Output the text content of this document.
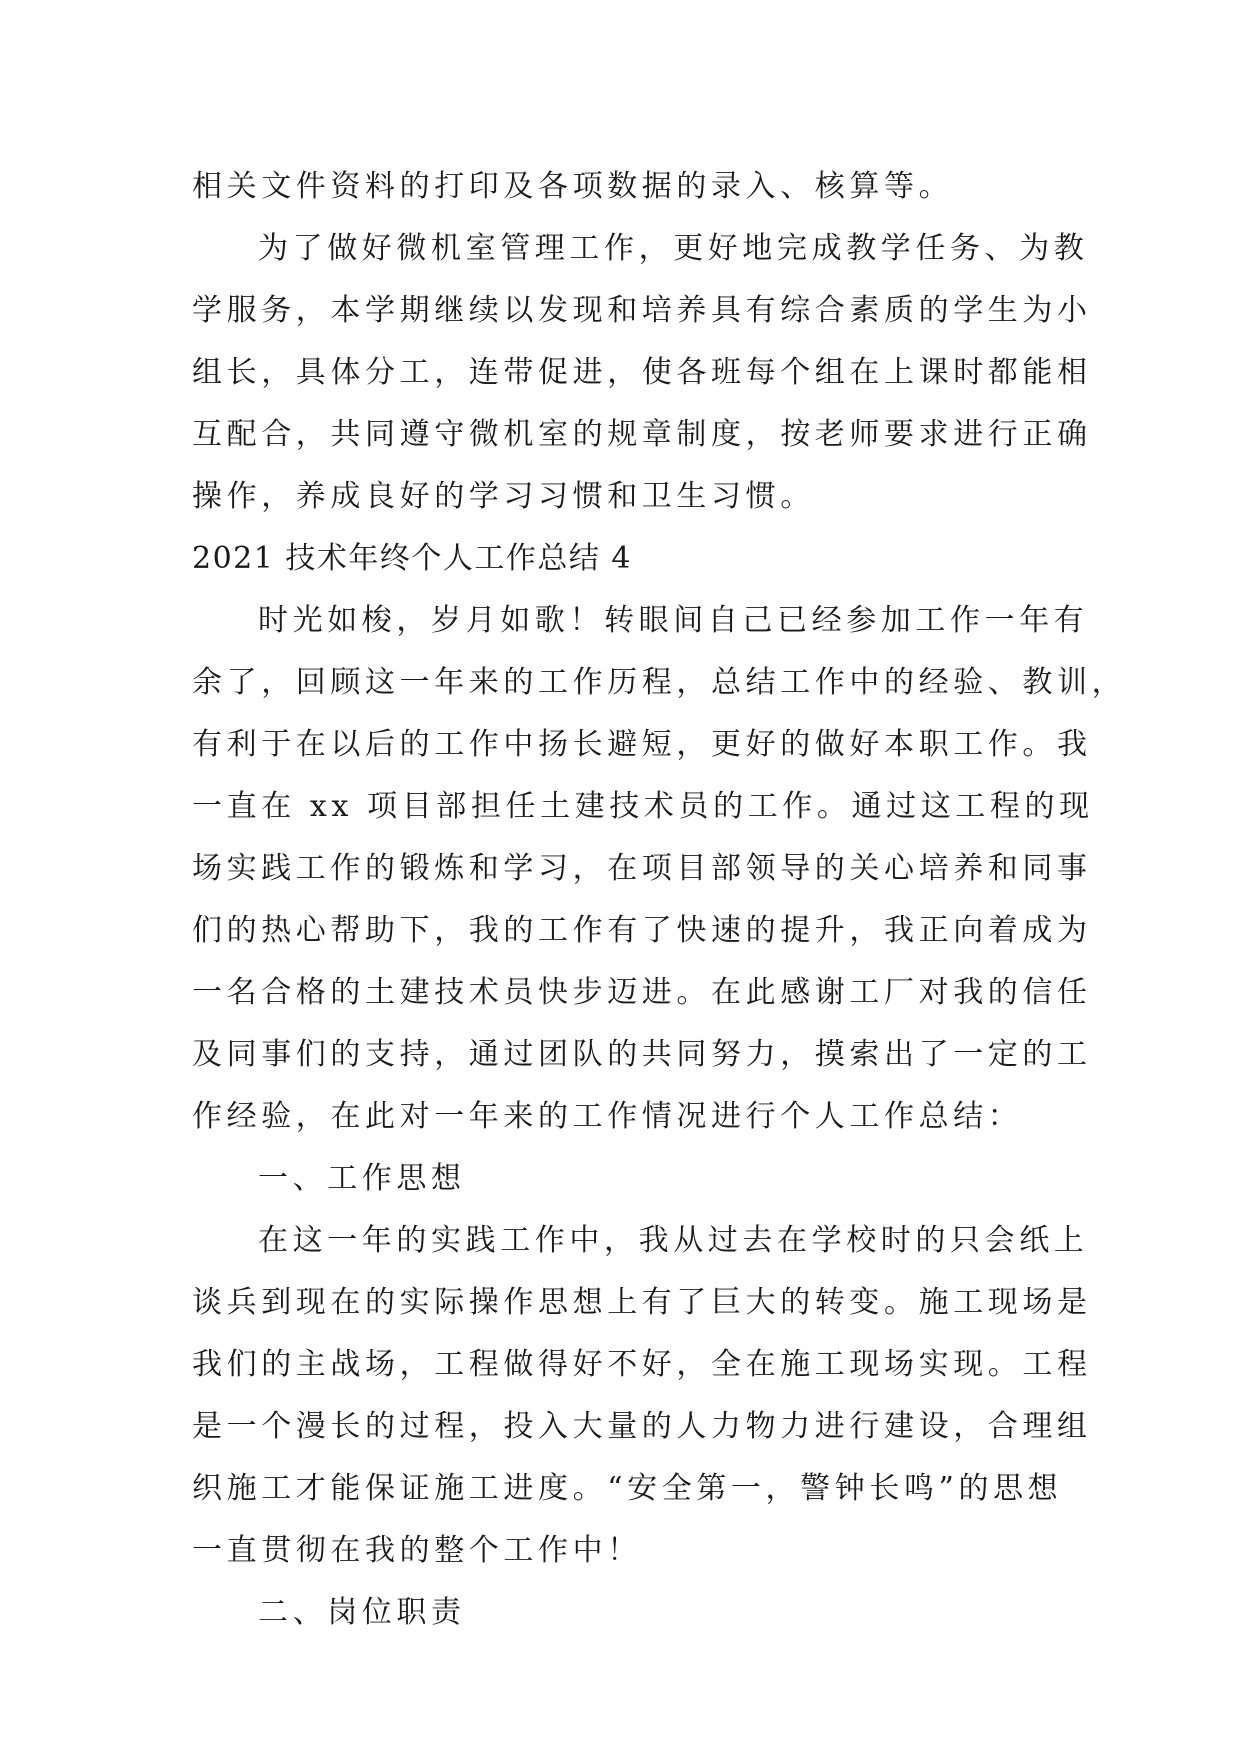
相关文件资料的打印及各项数据的录入、核算等。
为了做好微机室管理工作，更好地完成教学任务、为教
学服务，本学期继续以发现和培养具有综合素质的学生为小
组长，具体分工，连带促进，使各班每个组在上课时都能相
互配合，共同遵守微机室的规章制度，按老师要求进行正确
操作，养成良好的学习习惯和卫生习惯。
2021 技术年终个人工作总结 4
时光如梭，岁月如歌！转眼间自己已经参加工作一年有
余了，回顾这一年来的工作历程，总结工作中的经验、教训，
有利于在以后的工作中扬长避短，更好的做好本职工作。我
一直在 xx 项目部担任土建技术员的工作。通过这工程的现
场实践工作的锻炼和学习，在项目部领导的关心培养和同事
们的热心帮助下，我的工作有了快速的提升，我正向着成为
一名合格的土建技术员快步迈进。在此感谢工厂对我的信任
及同事们的支持，通过团队的共同努力，摸索出了一定的工
作经验，在此对一年来的工作情况进行个人工作总结：
一、工作思想
在这一年的实践工作中，我从过去在学校时的只会纸上
谈兵到现在的实际操作思想上有了巨大的转变。施工现场是
我们的主战场，工程做得好不好，全在施工现场实现。工程
是一个漫长的过程，投入大量的人力物力进行建设，合理组
织施工才能保证施工进度。“安全第一，警钟长鸣”的思想
一直贯彻在我的整个工作中！
二、岗位职责
